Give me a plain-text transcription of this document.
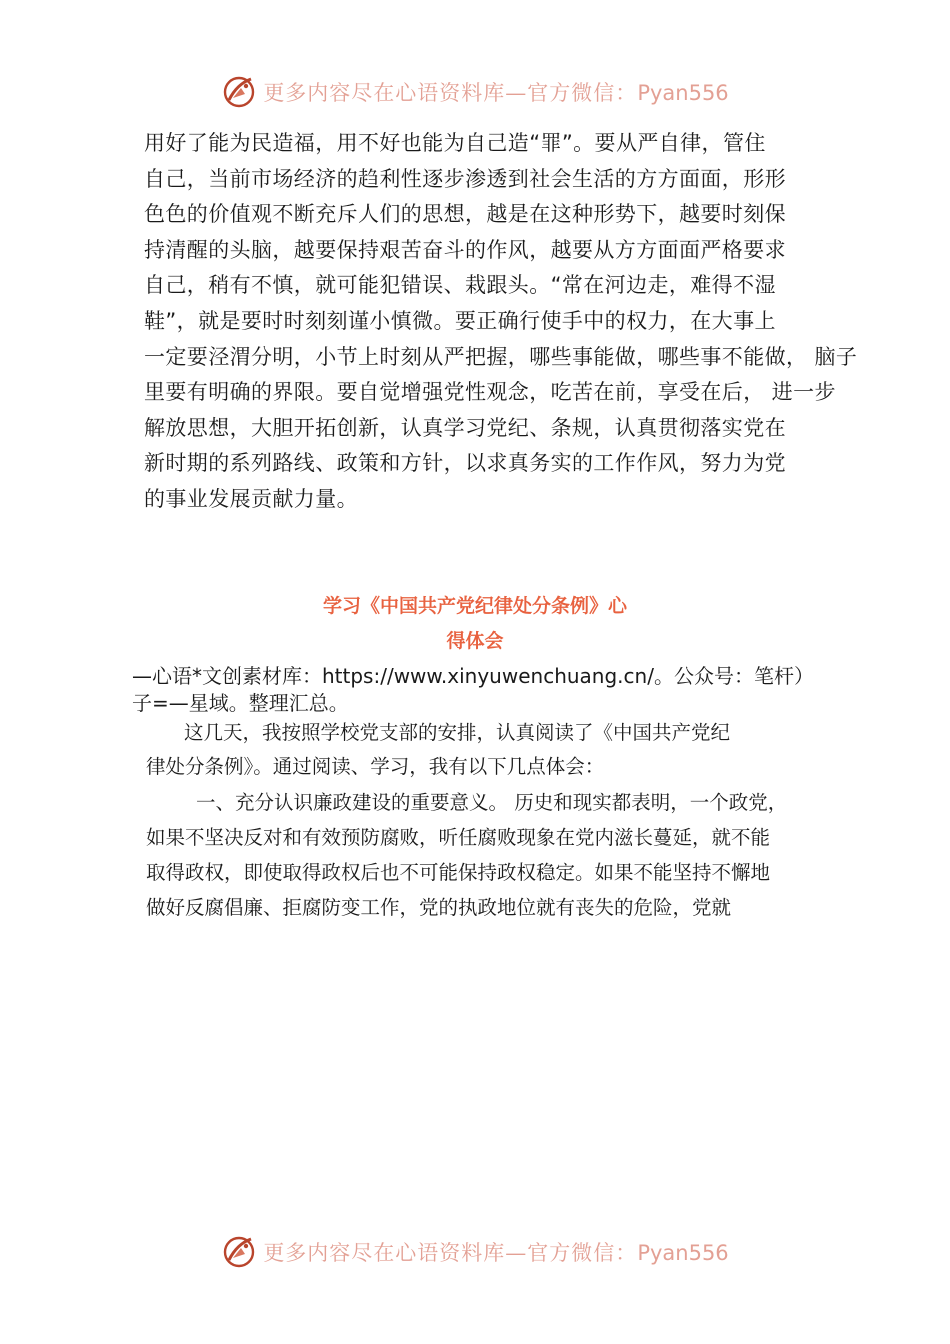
更多内容尽在心语资料库—官方微信：Pyan556
用好了能为民造福，用不好也能为自己造“罪”。要从严自律，管住
自己，当前市场经济的趋利性逐步渗透到社会生活的方方面面，形形
色色的价值观不断充斥人们的思想，越是在这种形势下，越要时刻保
持清醒的头脑，越要保持艰苦奋斗的作风，越要从方方面面严格要求
自己，稍有不慎，就可能犯错误、栽跟头。“常在河边走，难得不湿
鞋”，就是要时时刻刻谨小慎微。要正确行使手中的权力，在大事上
一定要泾渭分明，小节上时刻从严把握，哪些事能做，哪些事不能做， 脑子
里要有明确的界限。要自觉增强党性观念，吃苦在前，享受在后， 进一步
解放思想，大胆开拓创新，认真学习党纪、条规，认真贯彻落实党在
新时期的系列路线、政策和方针，以求真务实的工作作风，努力为党
的事业发展贡献力量。
学习《中国共产党纪律处分条例》心
得体会
—心语*文创素材库：https://www.xinyuwenchuang.cn/。公众号：笔杆）
子=—星域。整理汇总。
这几天，我按照学校党支部的安排，认真阅读了《中国共产党纪
律处分条例》。通过阅读、学习，我有以下几点体会：
一、充分认识廉政建设的重要意义。 历史和现实都表明，一个政党，
如果不坚决反对和有效预防腐败，听任腐败现象在党内滋长蔓延，就不能
取得政权，即使取得政权后也不可能保持政权稳定。如果不能坚持不懈地
做好反腐倡廉、拒腐防变工作，党的执政地位就有丧失的危险，党就
更多内容尽在心语资料库—官方微信：Pyan556
